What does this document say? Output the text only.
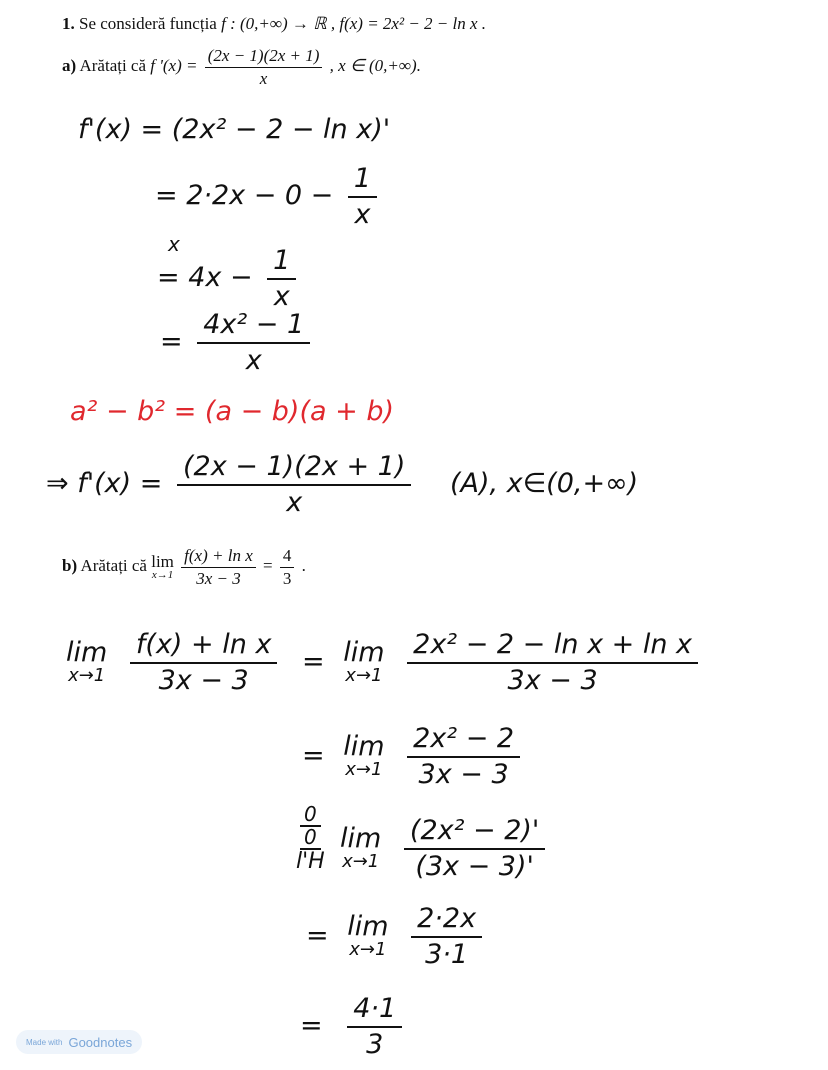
1. Se consideră funcția f : (0,+∞) → ℝ , f(x) = 2x² − 2 − ln x .
a) Arătați că f '$(x) = \frac{(2x - 1)(2x + 1)}{x}$ , x ∈ (0,+∞).
f'(x) = (2x² − 2 − ln x)'
= $2\cdot 2x - 0 - \frac{1}{x}$
x
= $4x - \frac{1}{x}$
= $\frac{\text{4x² − 1}}{x}$
a² − b² = (a − b)(a + b)
⇒ $f'(x) = \frac{(2x - 1)(2x + 1)}{x} (A)$, x∈(0,+∞)
b) Arătați că lim
x→1
$\frac{\text{f(x) + ln x}}{3x - 3} = \frac{4}{3}$ .
lim
x→1
$\frac{\text{f(x) + ln x}}{3x - 3} = \lim$
x→1
$\frac{\text{2x² − 2 − ln x + ln x}}{3x - 3}$
= lim
x→1
$\frac{\text{2x² − 2}}{3x - 3}$
0
0
l'H
lim
x→1
$\frac{\text{(2x² − 2)'}}{(3x - 3)'}$
= lim
x→1
$\frac{2\cdot 2x}{3\cdot 1}$
= $\frac{4\cdot 1}{3}$
Made with Goodnotes
